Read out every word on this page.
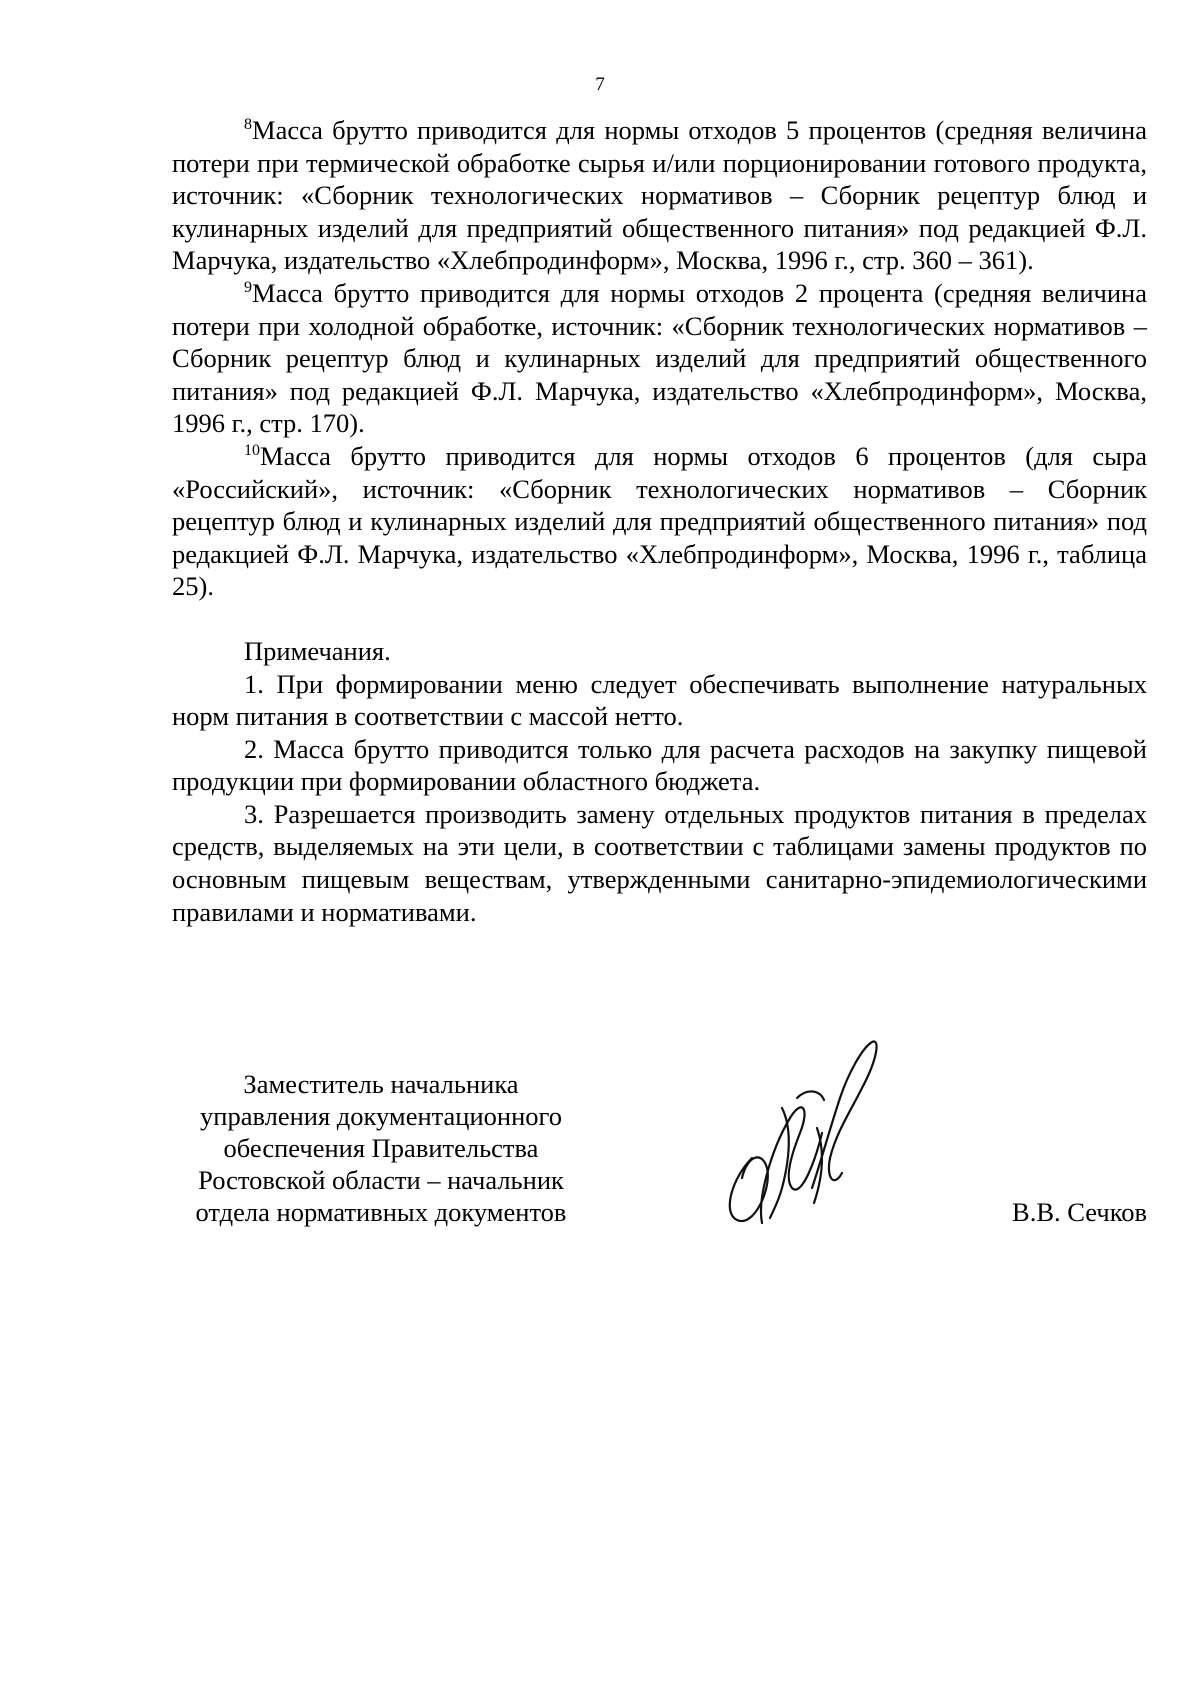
7

$^8$Масса брутто приводится для нормы отходов 5 процентов (средняя величина потери при термической обработке сырья и/или порционировании готового продукта, источник: «Сборник технологических нормативов – Сборник рецептур блюд и кулинарных изделий для предприятий общественного питания» под редакцией Ф.Л. Марчука, издательство «Хлебпродинформ», Москва, 1996 г., стр. 360 – 361).

$^9$Масса брутто приводится для нормы отходов 2 процента (средняя величина потери при холодной обработке, источник: «Сборник технологических нормативов – Сборник рецептур блюд и кулинарных изделий для предприятий общественного питания» под редакцией Ф.Л. Марчука, издательство «Хлебпродинформ», Москва, 1996 г., стр. 170).

$^{10}$Масса брутто приводится для нормы отходов 6 процентов (для сыра «Российский», источник: «Сборник технологических нормативов – Сборник рецептур блюд и кулинарных изделий для предприятий общественного питания» под редакцией Ф.Л. Марчука, издательство «Хлебпродинформ», Москва, 1996 г., таблица 25).

Примечания.

1. При формировании меню следует обеспечивать выполнение натуральных норм питания в соответствии с массой нетто.

2. Масса брутто приводится только для расчета расходов на закупку пищевой продукции при формировании областного бюджета.

3. Разрешается производить замену отдельных продуктов питания в пределах средств, выделяемых на эти цели, в соответствии с таблицами замены продуктов по основным пищевым веществам, утвержденными санитарно-эпидемиологическими правилами и нормативами.

Заместитель начальника
управления документационного
обеспечения Правительства
Ростовской области – начальник
отдела нормативных документов	В.В. Сечков
